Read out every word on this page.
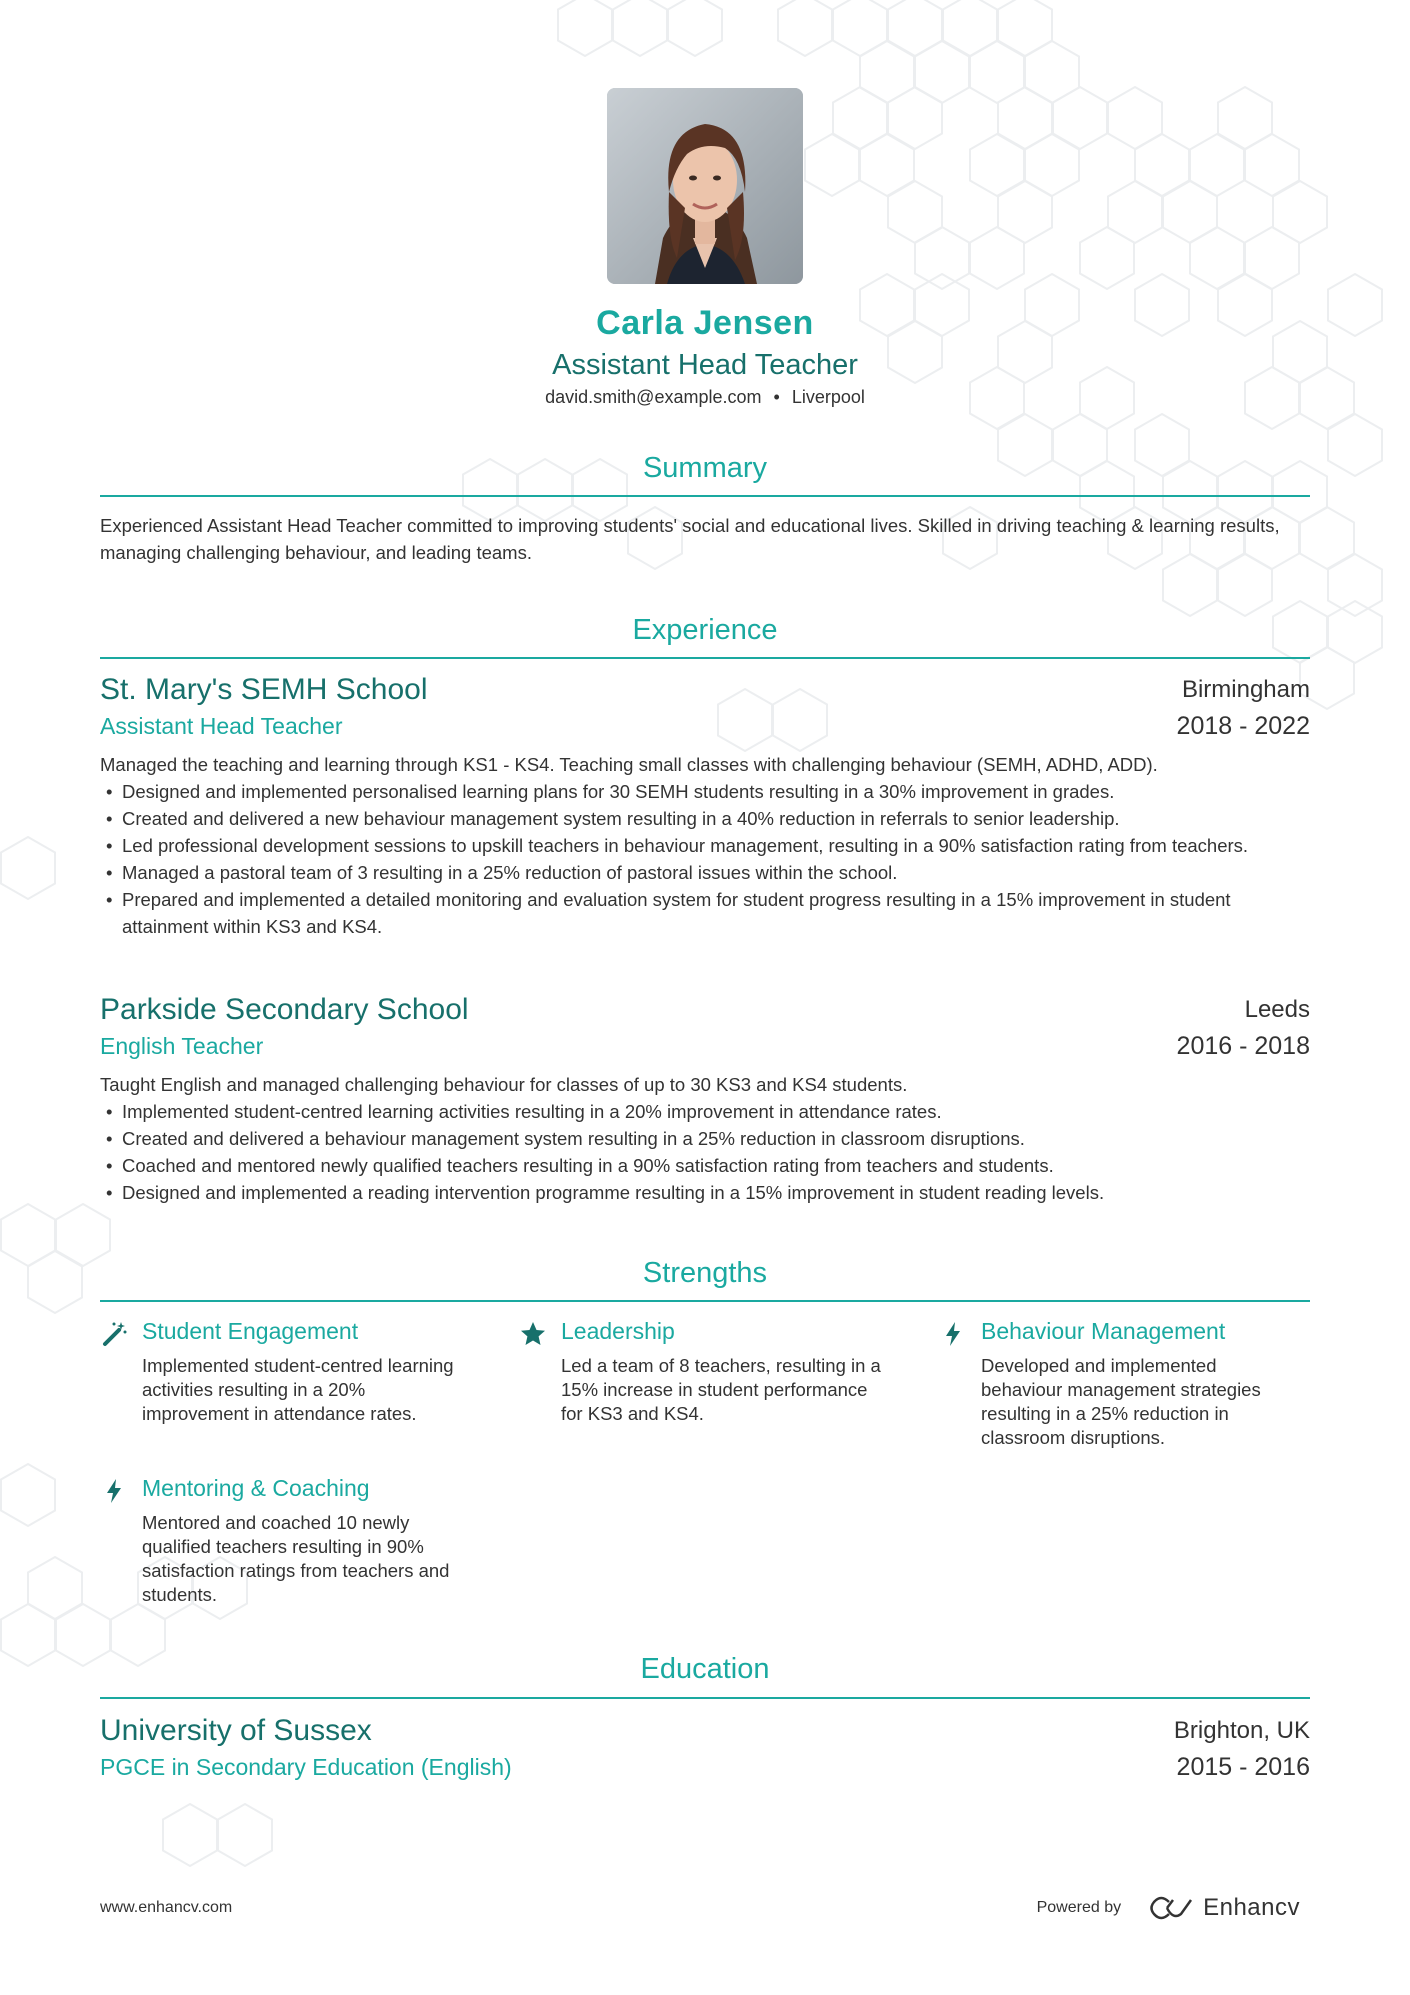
Carla Jensen
Assistant Head Teacher
david.smith@example.com • Liverpool
Summary
Experienced Assistant Head Teacher committed to improving students' social and educational lives. Skilled in driving teaching & learning results, managing challenging behaviour, and leading teams.
Experience
St. Mary's SEMH School	Birmingham
Assistant Head Teacher	2018 - 2022
Managed the teaching and learning through KS1 - KS4. Teaching small classes with challenging behaviour (SEMH, ADHD, ADD).
• Designed and implemented personalised learning plans for 30 SEMH students resulting in a 30% improvement in grades.
• Created and delivered a new behaviour management system resulting in a 40% reduction in referrals to senior leadership.
• Led professional development sessions to upskill teachers in behaviour management, resulting in a 90% satisfaction rating from teachers.
• Managed a pastoral team of 3 resulting in a 25% reduction of pastoral issues within the school.
• Prepared and implemented a detailed monitoring and evaluation system for student progress resulting in a 15% improvement in student attainment within KS3 and KS4.
Parkside Secondary School	Leeds
English Teacher	2016 - 2018
Taught English and managed challenging behaviour for classes of up to 30 KS3 and KS4 students.
• Implemented student-centred learning activities resulting in a 20% improvement in attendance rates.
• Created and delivered a behaviour management system resulting in a 25% reduction in classroom disruptions.
• Coached and mentored newly qualified teachers resulting in a 90% satisfaction rating from teachers and students.
• Designed and implemented a reading intervention programme resulting in a 15% improvement in student reading levels.
Strengths
Student Engagement
Implemented student-centred learning activities resulting in a 20% improvement in attendance rates.
Leadership
Led a team of 8 teachers, resulting in a 15% increase in student performance for KS3 and KS4.
Behaviour Management
Developed and implemented behaviour management strategies resulting in a 25% reduction in classroom disruptions.
Mentoring & Coaching
Mentored and coached 10 newly qualified teachers resulting in 90% satisfaction ratings from teachers and students.
Education
University of Sussex	Brighton, UK
PGCE in Secondary Education (English)	2015 - 2016
www.enhancv.com	Powered by	Enhancv
